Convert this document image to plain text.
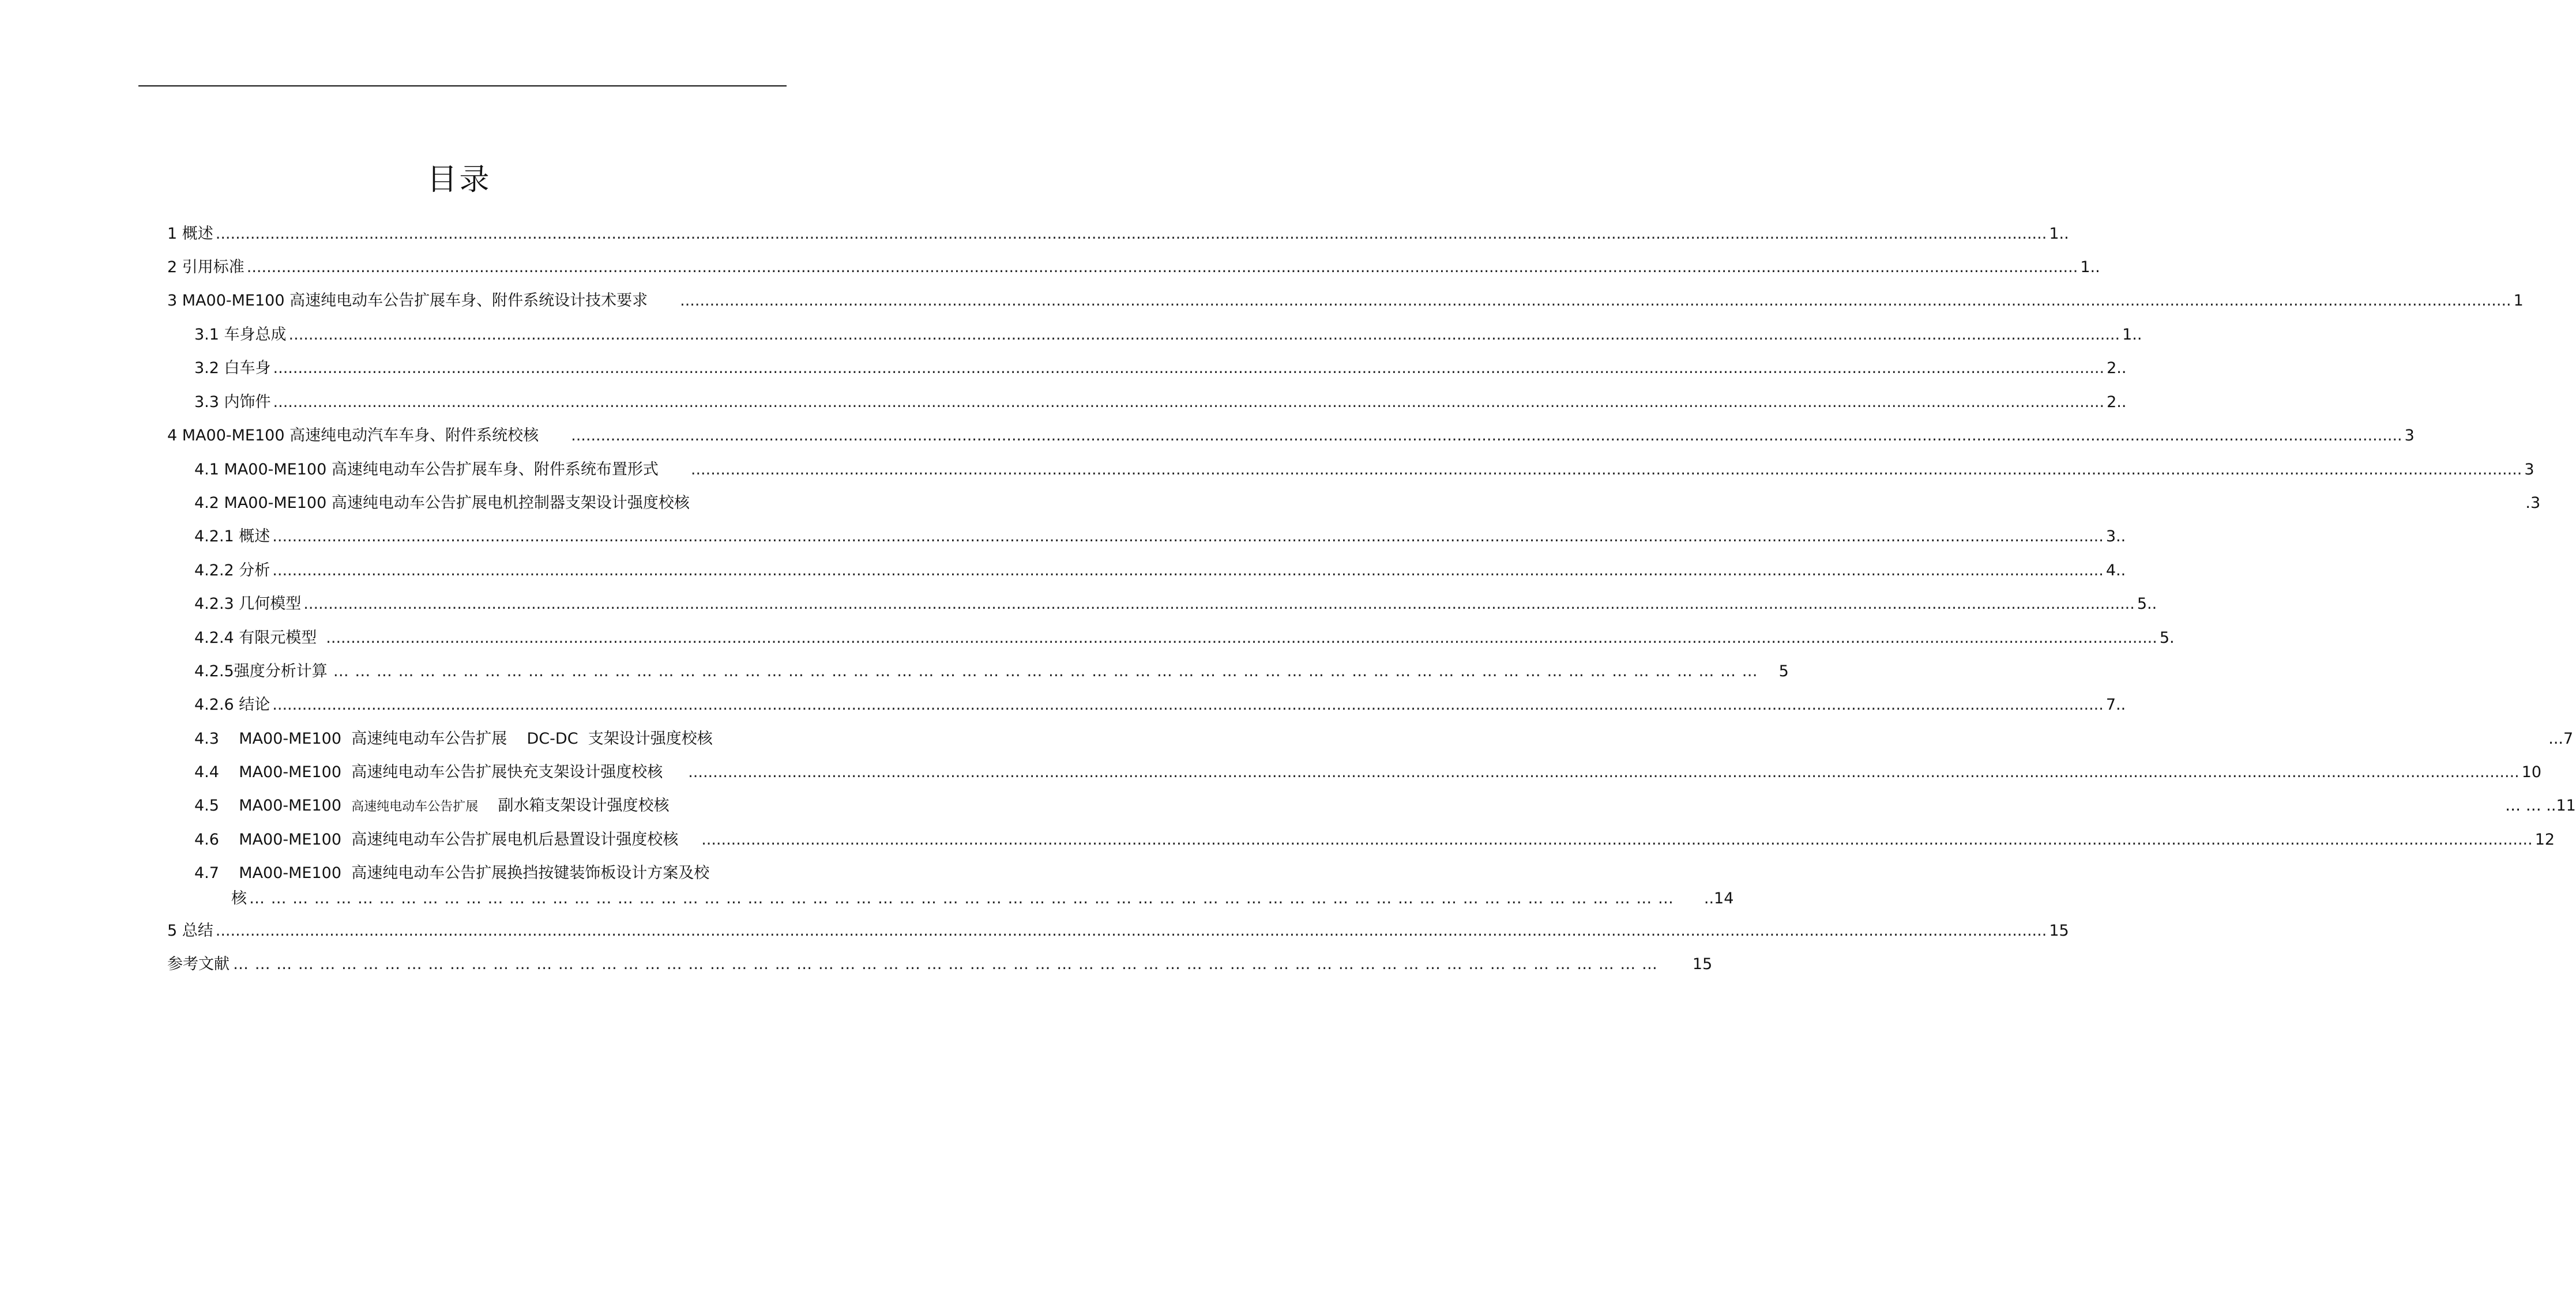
目录
1 概述 .................................................................................................................................................................................................................................................................................................................................................................................. 1..
2 引用标准 .................................................................................................................................................................................................................................................................................................................................................................................. 1..
3 MA00-ME100 高速纯电动车公告扩展车身、附件系统设计技术要求 .................................................................................................................................................................................................................................................................................................................................................................................. 1
3.1 车身总成 .................................................................................................................................................................................................................................................................................................................................................................................. 1..
3.2 白车身 .................................................................................................................................................................................................................................................................................................................................................................................. 2..
3.3 内饰件 .................................................................................................................................................................................................................................................................................................................................................................................. 2..
4 MA00-ME100 高速纯电动汽车车身、附件系统校核 .................................................................................................................................................................................................................................................................................................................................................................................. 3
4.1 MA00-ME100 高速纯电动车公告扩展车身、附件系统布置形式 .................................................................................................................................................................................................................................................................................................................................................................................. 3
4.2 MA00-ME100 高速纯电动车公告扩展电机控制器支架设计强度校核	.3
4.2.1 概述 .................................................................................................................................................................................................................................................................................................................................................................................. 3..
4.2.2 分析 .................................................................................................................................................................................................................................................................................................................................................................................. 4..
4.2.3 几何模型 .................................................................................................................................................................................................................................................................................................................................................................................. 5..
4.2.4 有限元模型 .................................................................................................................................................................................................................................................................................................................................................................................. 5.
4.2.5强度分析计算 … … … … … … … … … … … … … … … … … … … … … … … … … … … … … … … … … … … … … … … … … … … … … … … … … … … … … … … … … … … … … … … … … … 5
4.2.6 结论 .................................................................................................................................................................................................................................................................................................................................................................................. 7..
4.3    MA00-ME100  高速纯电动车公告扩展    DC-DC  支架设计强度校核	...7
4.4    MA00-ME100  高速纯电动车公告扩展快充支架设计强度校核 .................................................................................................................................................................................................................................................................................................................................................................................. 10
4.5    MA00-ME100 高速纯电动车公告扩展 副水箱支架设计强度校核	… … ..11
4.6    MA00-ME100  高速纯电动车公告扩展电机后悬置设计强度校核 .................................................................................................................................................................................................................................................................................................................................................................................. 12
4.7    MA00-ME100  高速纯电动车公告扩展换挡按键装饰板设计方案及校
核 … … … … … … … … … … … … … … … … … … … … … … … … … … … … … … … … … … … … … … … … … … … … … … … … … … … … … … … … … … … … … … … … … … ..14
5 总结 .................................................................................................................................................................................................................................................................................................................................................................................. 15
参考文献 … … … … … … … … … … … … … … … … … … … … … … … … … … … … … … … … … … … … … … … … … … … … … … … … … … … … … … … … … … … … … … … … … … 15
